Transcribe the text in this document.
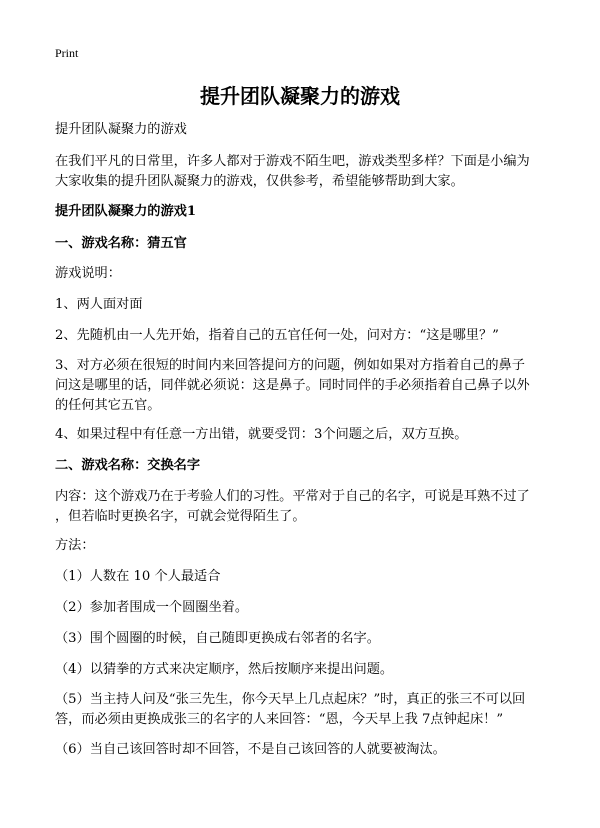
Print
提升团队凝聚力的游戏
提升团队凝聚力的游戏
在我们平凡的日常里，许多人都对于游戏不陌生吧，游戏类型多样？下面是小编为
大家收集的提升团队凝聚力的游戏，仅供参考，希望能够帮助到大家。
提升团队凝聚力的游戏1
一、游戏名称：猜五官
游戏说明：
1、两人面对面
2、先随机由一人先开始，指着自己的五官任何一处，问对方：“这是哪里？”
3、对方必须在很短的时间内来回答提问方的问题，例如如果对方指着自己的鼻子
问这是哪里的话，同伴就必须说：这是鼻子。同时同伴的手必须指着自己鼻子以外
的任何其它五官。
4、如果过程中有任意一方出错，就要受罚：3个问题之后，双方互换。
二、游戏名称：交换名字
内容：这个游戏乃在于考验人们的习性。平常对于自己的名字，可说是耳熟不过了
，但若临时更换名字，可就会觉得陌生了。
方法：
（1）人数在 10 个人最适合
（2）参加者围成一个圆圈坐着。
（3）围个圆圈的时候，自己随即更换成右邻者的名字。
（4）以猜拳的方式来决定顺序，然后按顺序来提出问题。
（5）当主持人问及“张三先生，你今天早上几点起床？”时，真正的张三不可以回
答，而必须由更换成张三的名字的人来回答：“恩，今天早上我 7点钟起床！”
（6）当自己该回答时却不回答，不是自己该回答的人就要被淘汰。
